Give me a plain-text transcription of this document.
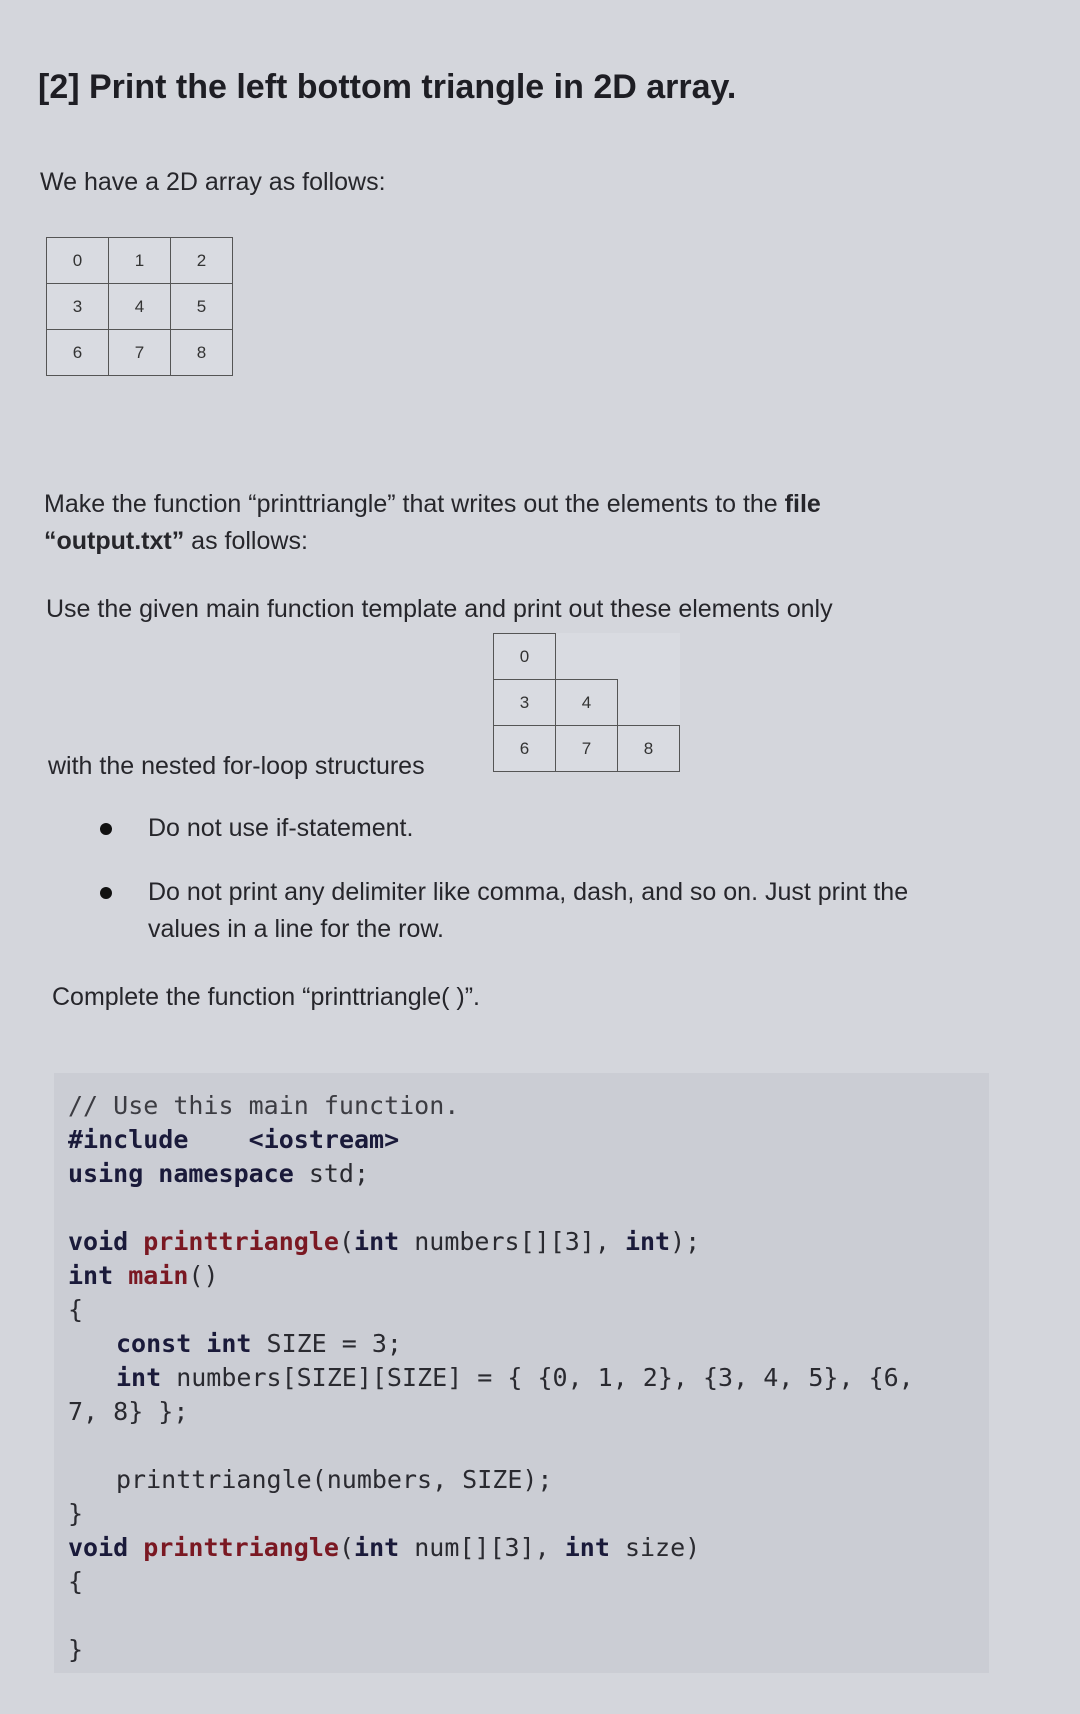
[2] Print the left bottom triangle in 2D array.

We have a 2D array as follows:

0	1	2
3	4	5
6	7	8

Make the function “printtriangle” that writes out the elements to the file “output.txt” as follows:

Use the given main function template and print out these elements only

0		
3	4	
6	7	8

with the nested for-loop structures

Do not use if-statement.
Do not print any delimiter like comma, dash, and so on. Just print the values in a line for the row.

Complete the function “printtriangle( )”.

// Use this main function.
#include <iostream>
using namespace std;

void printtriangle(int numbers[][3], int);
int main()
{
const int SIZE = 3;
int numbers[SIZE][SIZE] = { {0, 1, 2}, {3, 4, 5}, {6,
7, 8} };

printtriangle(numbers, SIZE);
}
void printtriangle(int num[][3], int size)
{

}
